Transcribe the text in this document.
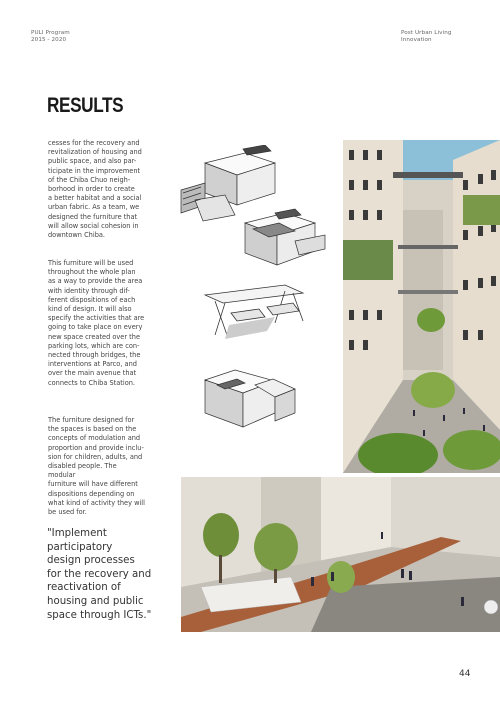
PULI Program
2015 - 2020
Post Urban Living
Innovation
RESULTS

cesses for the recovery and
revitalization of housing and
public space, and also par-
ticipate in the improvement
of the Chiba Chuo neigh-
borhood in order to create
a better habitat and a social
urban fabric. As a team, we
designed the furniture that
will allow social cohesion in
downtown Chiba.

This furniture will be used
throughout the whole plan
as a way to provide the area
with identity through dif-
ferent dispositions of each
kind of design. It will also
specify the activities that are
going to take place on every
new space created over the
parking lots, which are con-
nected through bridges, the
interventions at Parco, and
over the main avenue that
connects to Chiba Station.

The furniture designed for
the spaces is based on the
concepts of modulation and
proportion and provide inclu-
sion for children, adults, and
disabled people. The modular
furniture will have different
dispositions depending on
what kind of activity they will
be used for.

"Implement participatory
design processes
for the recovery and
reactivation of
housing and public
space through ICTs."
44
